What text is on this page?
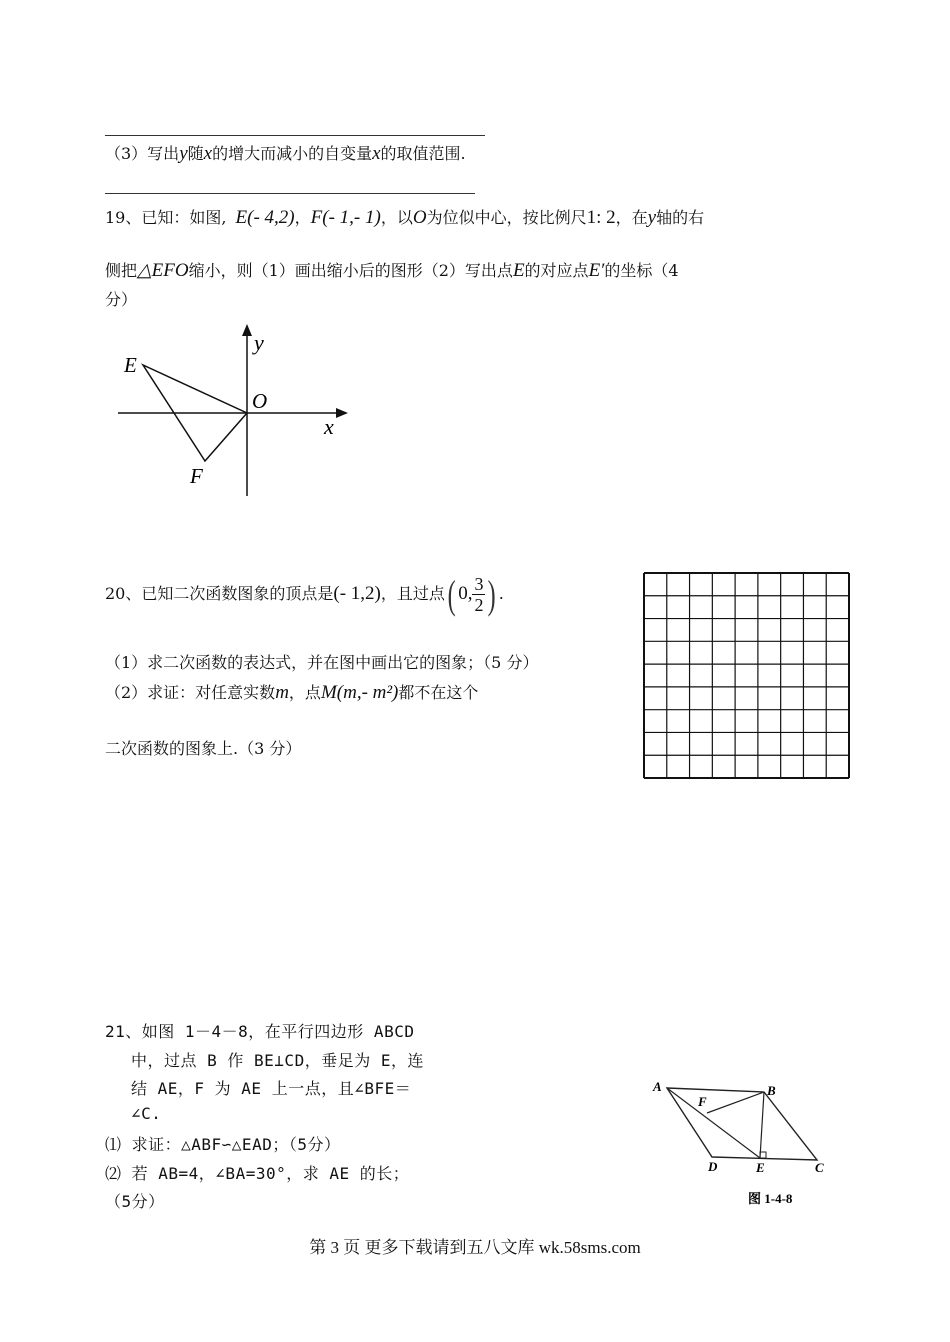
（3）写出y随x的增大而减小的自变量x的取值范围.
19、已知：如图, E(- 4,2)，F(- 1,- 1)，以O为位似中心，按比例尺1: 2，在y轴的右
侧把△EFO缩小，则（1）画出缩小后的图形（2）写出点E的对应点E′的坐标（4
分）
y
x
O
E
F
20、已知二次函数图象的顶点是(- 1,2)，且过点( 0, $\frac{3}{2}$ ) .
（1）求二次函数的表达式，并在图中画出它的图象；（5 分）
（2）求证：对任意实数m，点M(m,- m²)都不在这个
二次函数的图象上.（3 分）
21、如图 1－4－8，在平行四边形 ABCD
中，过点 B 作 BE⊥CD，垂足为 E，连
结 AE，F 为 AE 上一点，且∠BFE＝
∠C.
⑴ 求证：△ABF∽△EAD；（5分）
⑵ 若 AB=4，∠BA=30°，求 AE 的长；
（5分）
A	B
F
D	E	C
图 1-4-8
第 3 页 更多下载请到五八文库 wk.58sms.com
